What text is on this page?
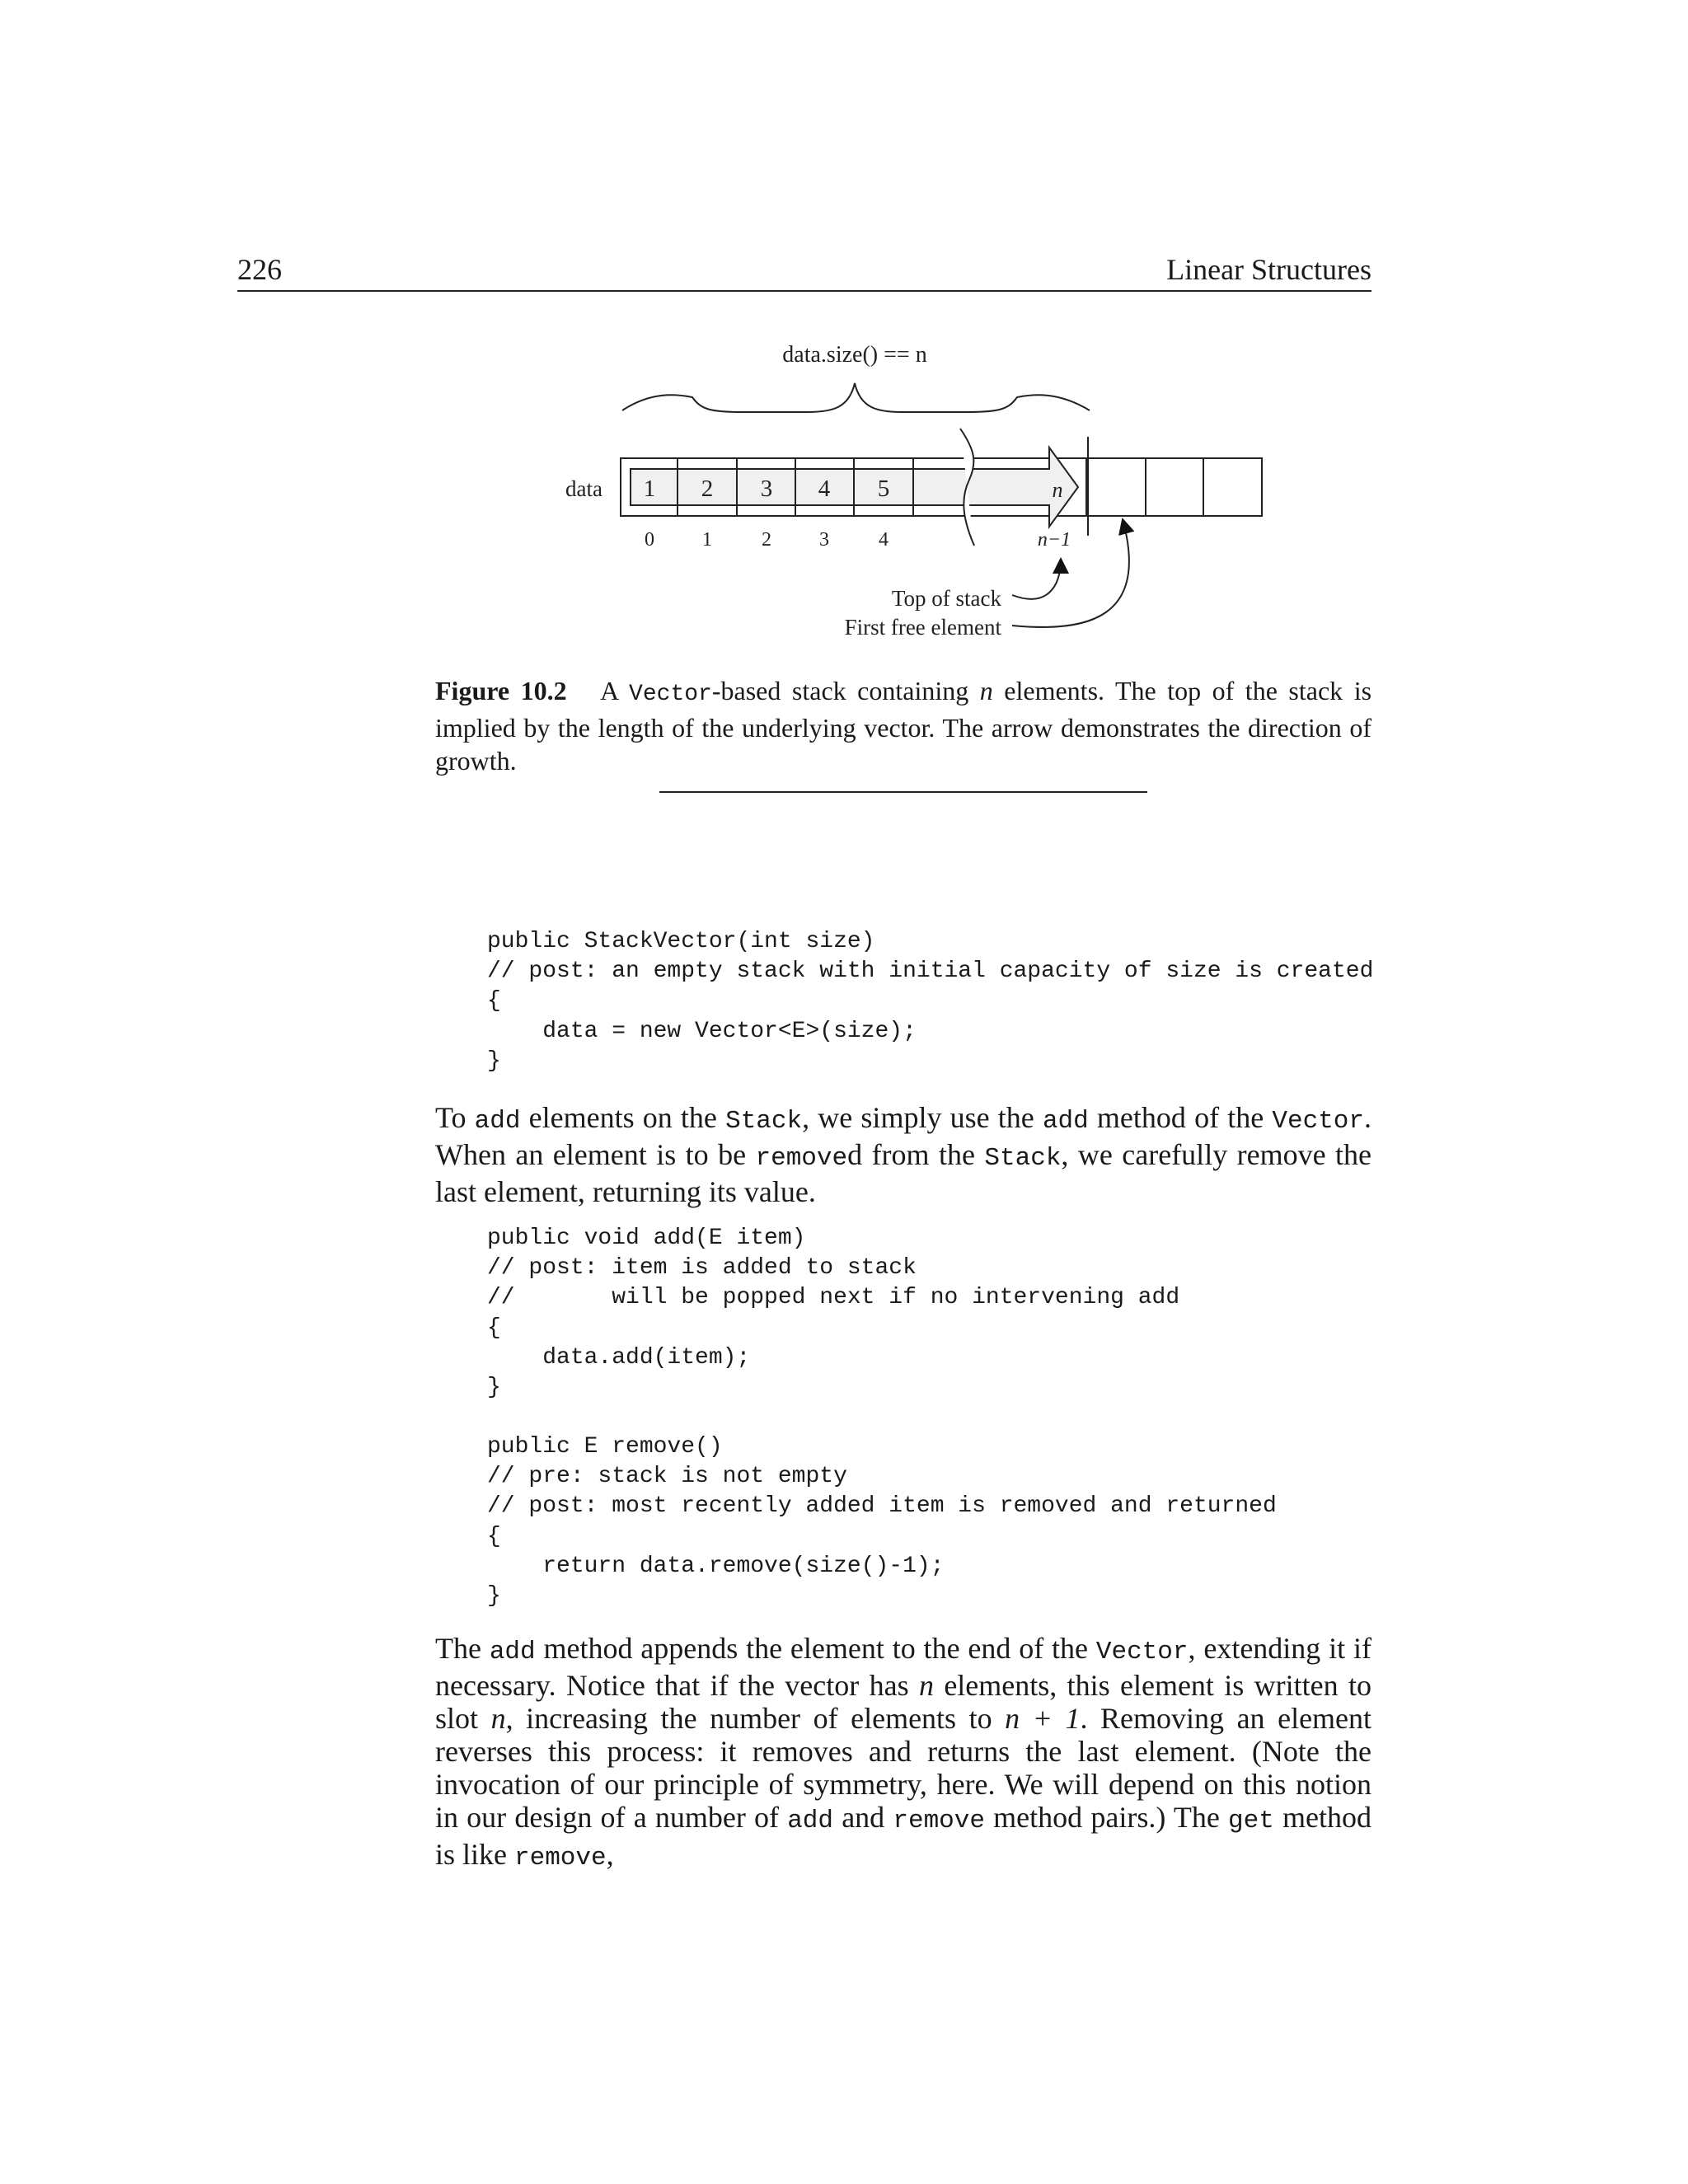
226	Linear Structures
data.size() == n
1 2 3 4 5	n
data
0 1	2 3	4	n−1
Top of stack
First free element
Figure 10.2 A Vector-based stack containing n elements. The top of the stack is implied by the length of the underlying vector. The arrow demonstrates the direction of growth.
public StackVector(int size)
// post: an empty stack with initial capacity of size is created
{
data = new Vector<E>(size);
}

To add elements on the Stack, we simply use the add method of the Vector. When an element is to be removed from the Stack, we carefully remove the last element, returning its value.

public void add(E item)
// post: item is added to stack
//       will be popped next if no intervening add
{
data.add(item);
}
public E remove()
// pre: stack is not empty
// post: most recently added item is removed and returned
{
return data.remove(size()-1);
}

The add method appends the element to the end of the Vector, extending it if necessary. Notice that if the vector has n elements, this element is written to slot n, increasing the number of elements to n + 1. Removing an element reverses this process: it removes and returns the last element. (Note the invocation of our principle of symmetry, here. We will depend on this notion in our design of a number of add and remove method pairs.) The get method is like remove,
